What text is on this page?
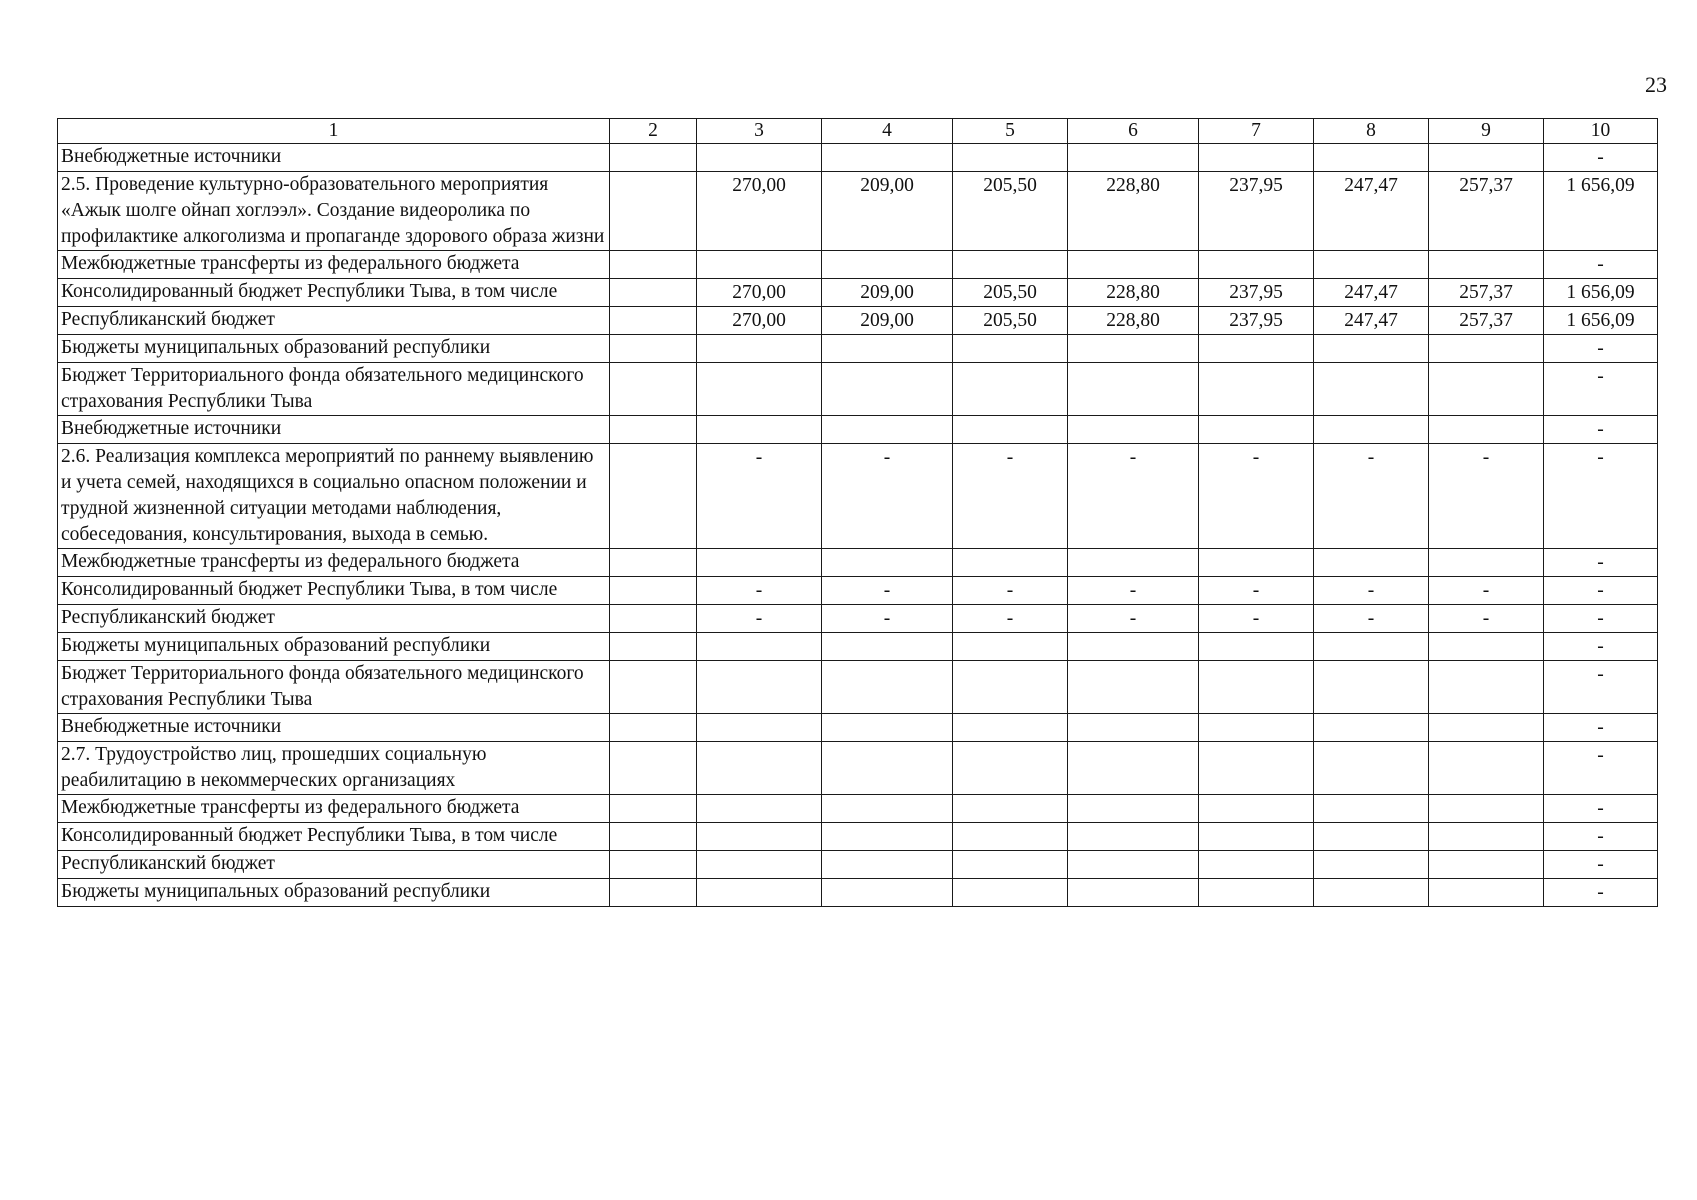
23
1	2	3	4	5	6	7	8	9	10
Внебюджетные источники									-
2.5. Проведение культурно-образовательного мероприятия «Ажык шолге ойнап хоглээл». Создание видеоролика по профилактике алкоголизма и пропаганде здорового образа жизни		270,00	209,00	205,50	228,80	237,95	247,47	257,37	1 656,09
Межбюджетные трансферты из федерального бюджета									-
Консолидированный бюджет Республики Тыва, в том числе		270,00	209,00	205,50	228,80	237,95	247,47	257,37	1 656,09
Республиканский бюджет		270,00	209,00	205,50	228,80	237,95	247,47	257,37	1 656,09
Бюджеты муниципальных образований республики									-
Бюджет Территориального фонда обязательного медицинского страхования Республики Тыва									-
Внебюджетные источники									-
2.6. Реализация комплекса мероприятий по раннему выявлению и учета семей, находящихся в социально опасном положении и трудной жизненной ситуации методами наблюдения, собеседования, консультирования, выхода в семью.		-	-	-	-	-	-	-	-
Межбюджетные трансферты из федерального бюджета									-
Консолидированный бюджет Республики Тыва, в том числе		-	-	-	-	-	-	-	-
Республиканский бюджет		-	-	-	-	-	-	-	-
Бюджеты муниципальных образований республики									-
Бюджет Территориального фонда обязательного медицинского страхования Республики Тыва									-
Внебюджетные источники									-
2.7. Трудоустройство лиц, прошедших социальную реабилитацию в некоммерческих организациях									-
Межбюджетные трансферты из федерального бюджета									-
Консолидированный бюджет Республики Тыва, в том числе									-
Республиканский бюджет									-
Бюджеты муниципальных образований республики									-
